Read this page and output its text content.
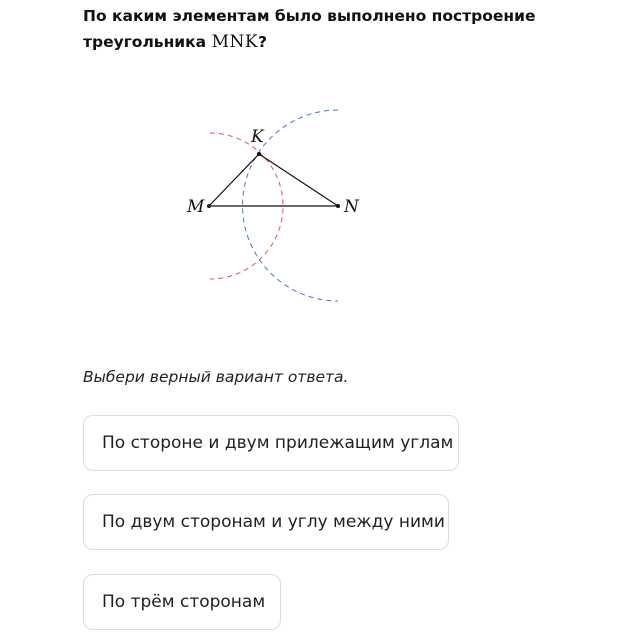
По каким элементам было выполнено построение треугольника MNK?
M	N
K
Выбери верный вариант ответа.
По стороне и двум прилежащим углам
По двум сторонам и углу между ними
По трём сторонам
